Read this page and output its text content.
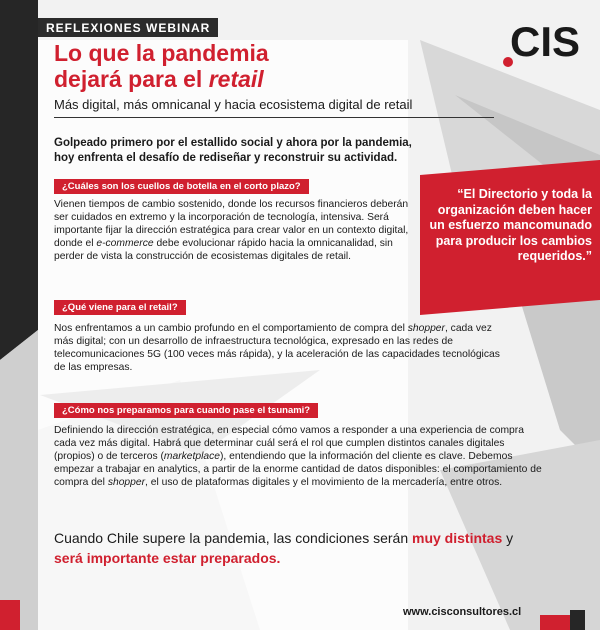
REFLEXIONES WEBINAR
Lo que la pandemia
dejará para el retail
CIS
Más digital, más omnicanal y hacia ecosistema digital de retail
Golpeado primero por el estallido social y ahora por la pandemia, hoy enfrenta el desafío de rediseñar y reconstruir su actividad.
¿Cuáles son los cuellos de botella en el corto plazo?
Vienen tiempos de cambio sostenido, donde los recursos financieros deberán ser cuidados en extremo y la incorporación de tecnología, intensiva. Será importante fijar la dirección estratégica para crear valor en un contexto digital, donde el e-commerce debe evolucionar rápido hacia la omnicanalidad, sin perder de vista la construcción de ecosistemas digitales de retail.
“El Directorio y toda la organización deben hacer un esfuerzo mancomunado para producir los cambios requeridos.”
¿Qué viene para el retail?
Nos enfrentamos a un cambio profundo en el comportamiento de compra del shopper, cada vez más digital; con un desarrollo de infraestructura tecnológica, expresado en las redes de telecomunicaciones 5G (100 veces más rápida), y la aceleración de las capacidades tecnológicas de las empresas.
¿Cómo nos preparamos para cuando pase el tsunami?
Definiendo la dirección estratégica, en especial cómo vamos a responder a una experiencia de compra cada vez más digital. Habrá que determinar cuál será el rol que cumplen distintos canales digitales (propios) o de terceros (marketplace), entendiendo que la información del cliente es clave. Debemos empezar a trabajar en analytics, a partir de la enorme cantidad de datos disponibles: el comportamiento de compra del shopper, el uso de plataformas digitales y el movimiento de la mercadería, entre otros.
Cuando Chile supere la pandemia, las condiciones serán muy distintas y será importante estar preparados.
www.cisconsultores.cl
